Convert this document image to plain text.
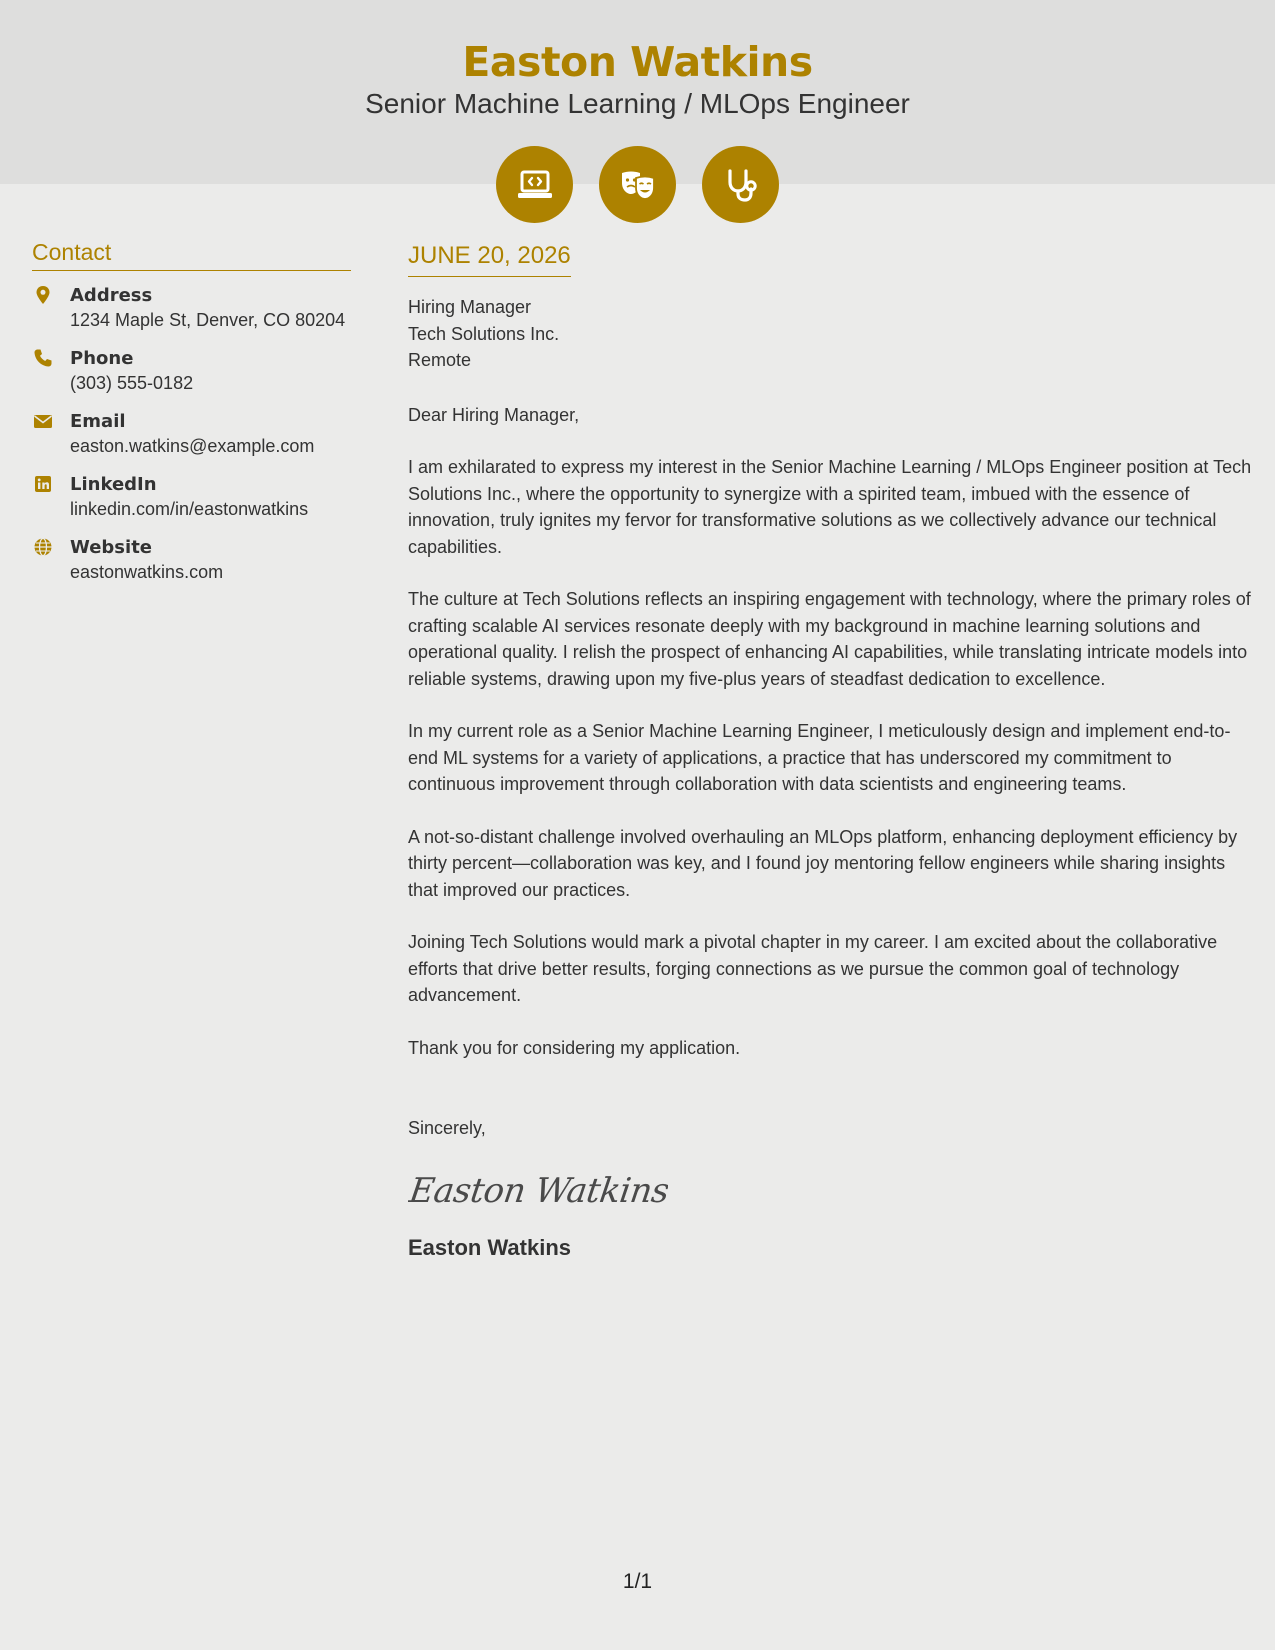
Easton Watkins
Senior Machine Learning / MLOps Engineer
Contact
Address
1234 Maple St, Denver, CO 80204
Phone
(303) 555-0182
Email
easton.watkins@example.com
LinkedIn
linkedin.com/in/eastonwatkins
Website
eastonwatkins.com
JUNE 20, 2026
Hiring Manager
Tech Solutions Inc.
Remote
Dear Hiring Manager,
I am exhilarated to express my interest in the Senior Machine Learning / MLOps Engineer position at Tech Solutions Inc., where the opportunity to synergize with a spirited team, imbued with the essence of innovation, truly ignites my fervor for transformative solutions as we collectively advance our technical capabilities.
The culture at Tech Solutions reflects an inspiring engagement with technology, where the primary roles of crafting scalable AI services resonate deeply with my background in machine learning solutions and operational quality. I relish the prospect of enhancing AI capabilities, while translating intricate models into reliable systems, drawing upon my five-plus years of steadfast dedication to excellence.
In my current role as a Senior Machine Learning Engineer, I meticulously design and implement end-to-end ML systems for a variety of applications, a practice that has underscored my commitment to continuous improvement through collaboration with data scientists and engineering teams.
A not-so-distant challenge involved overhauling an MLOps platform, enhancing deployment efficiency by thirty percent—collaboration was key, and I found joy mentoring fellow engineers while sharing insights that improved our practices.
Joining Tech Solutions would mark a pivotal chapter in my career. I am excited about the collaborative efforts that drive better results, forging connections as we pursue the common goal of technology advancement.
Thank you for considering my application.
Sincerely,
Easton Watkins
Easton Watkins
1/1
